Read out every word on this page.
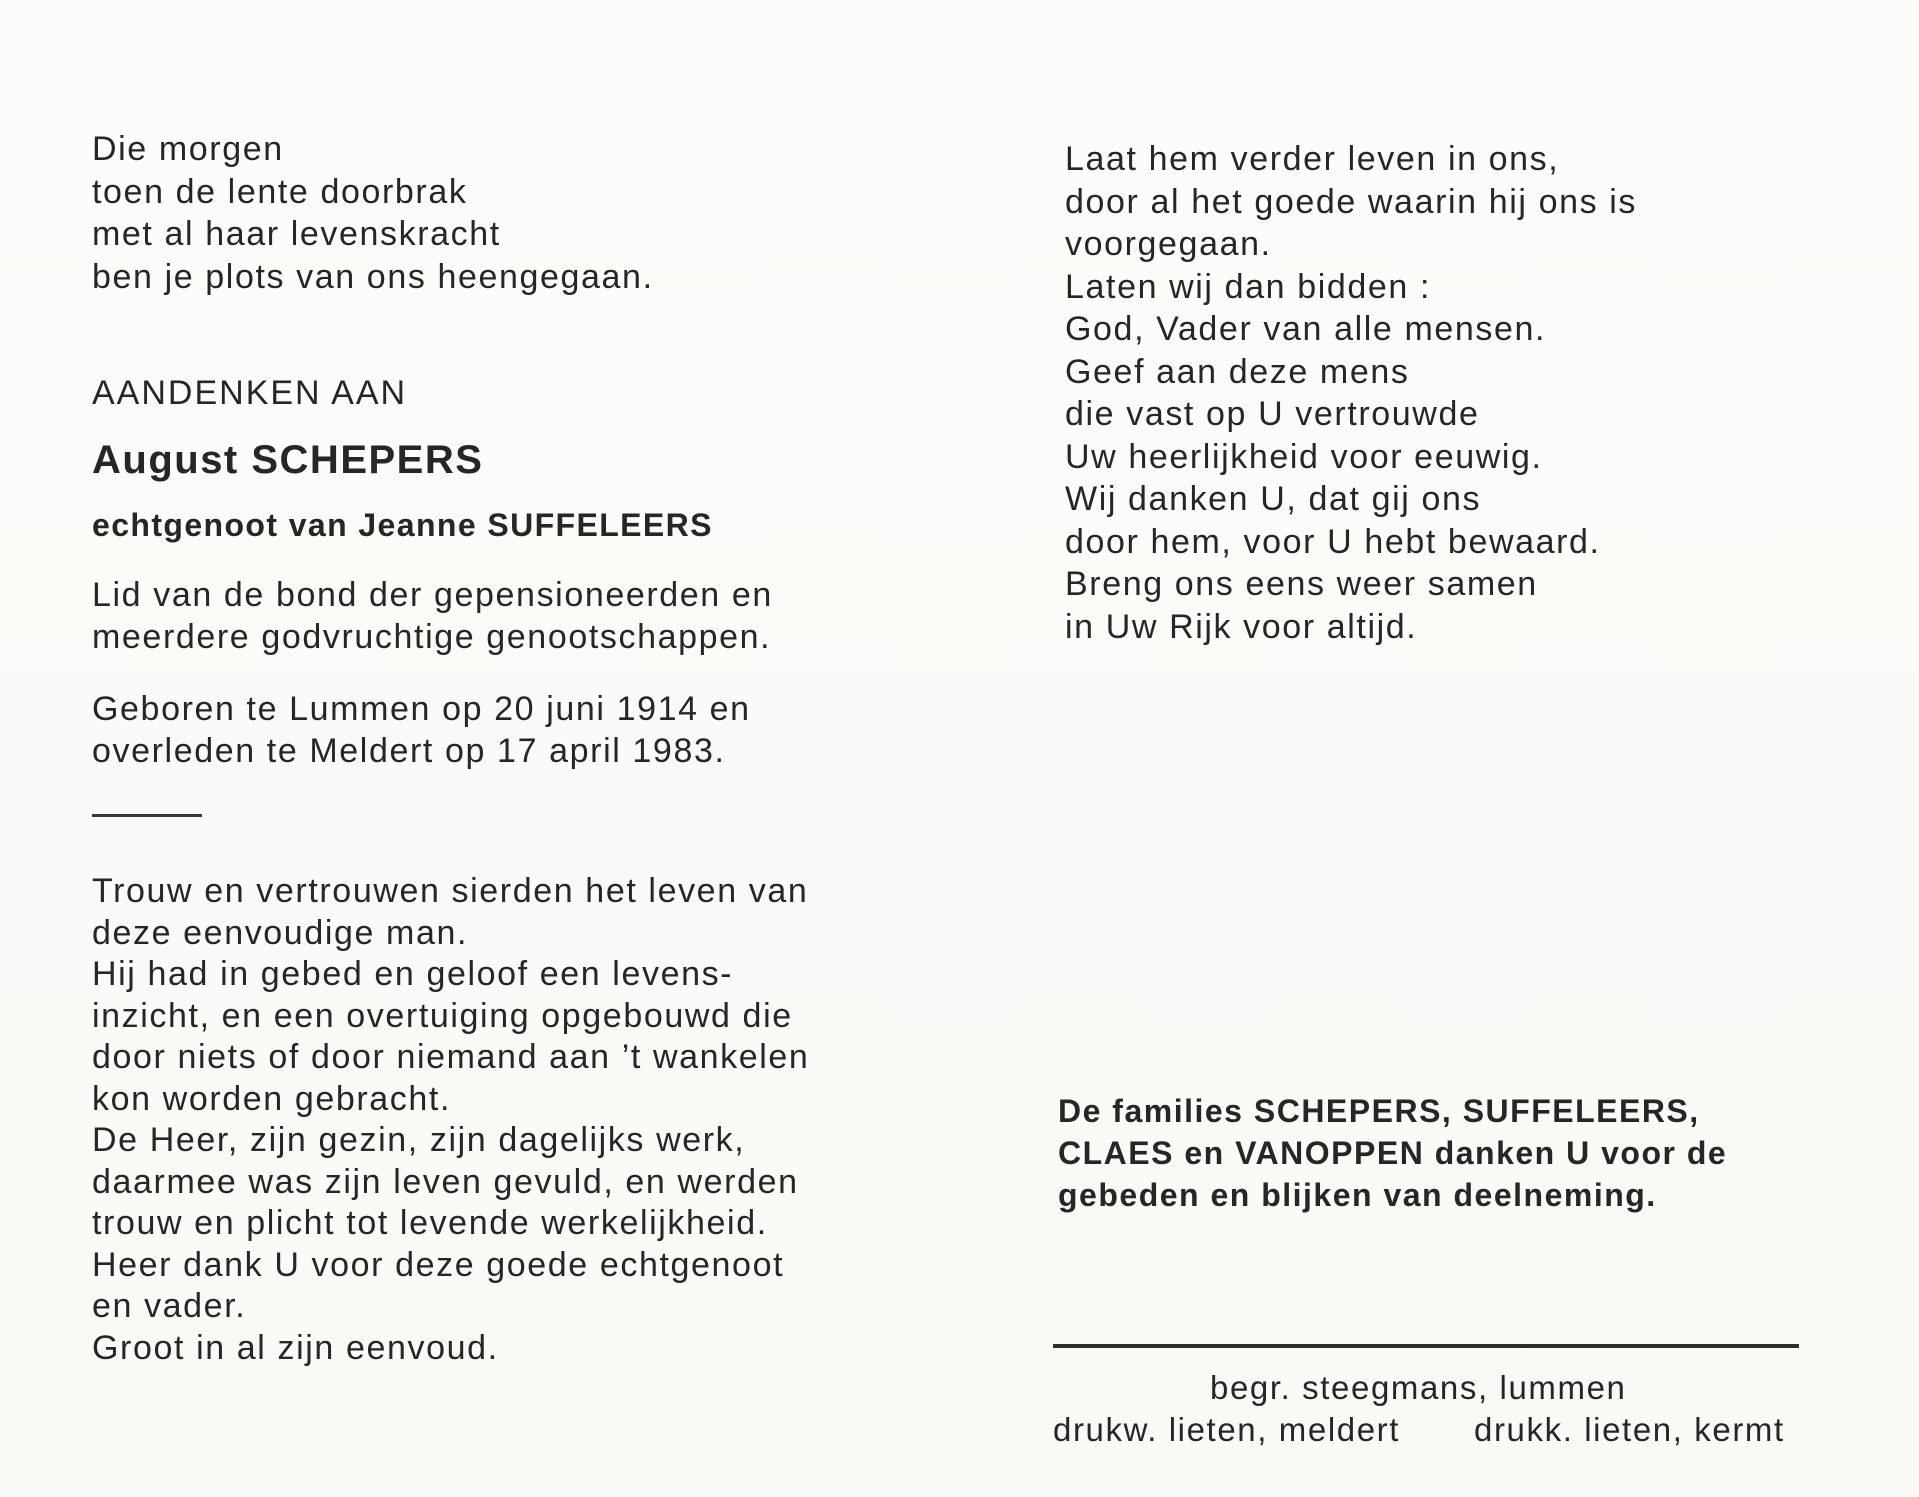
Die morgen
toen de lente doorbrak
met al haar levenskracht
ben je plots van ons heengegaan.
AANDENKEN AAN
August SCHEPERS
echtgenoot van Jeanne SUFFELEERS
Lid van de bond der gepensioneerden en
meerdere godvruchtige genootschappen.
Geboren te Lummen op 20 juni 1914 en
overleden te Meldert op 17 april 1983.
Trouw en vertrouwen sierden het leven van
deze eenvoudige man.
Hij had in gebed en geloof een levens-
inzicht, en een overtuiging opgebouwd die
door niets of door niemand aan ’t wankelen
kon worden gebracht.
De Heer, zijn gezin, zijn dagelijks werk,
daarmee was zijn leven gevuld, en werden
trouw en plicht tot levende werkelijkheid.
Heer dank U voor deze goede echtgenoot
en vader.
Groot in al zijn eenvoud.
Laat hem verder leven in ons,
door al het goede waarin hij ons is
voorgegaan.
Laten wij dan bidden :
God, Vader van alle mensen.
Geef aan deze mens
die vast op U vertrouwde
Uw heerlijkheid voor eeuwig.
Wij danken U, dat gij ons
door hem, voor U hebt bewaard.
Breng ons eens weer samen
in Uw Rijk voor altijd.
De families SCHEPERS, SUFFELEERS,
CLAES en VANOPPEN danken U voor de
gebeden en blijken van deelneming.
begr. steegmans, lummen
drukw. lieten, meldert drukk. lieten, kermt
